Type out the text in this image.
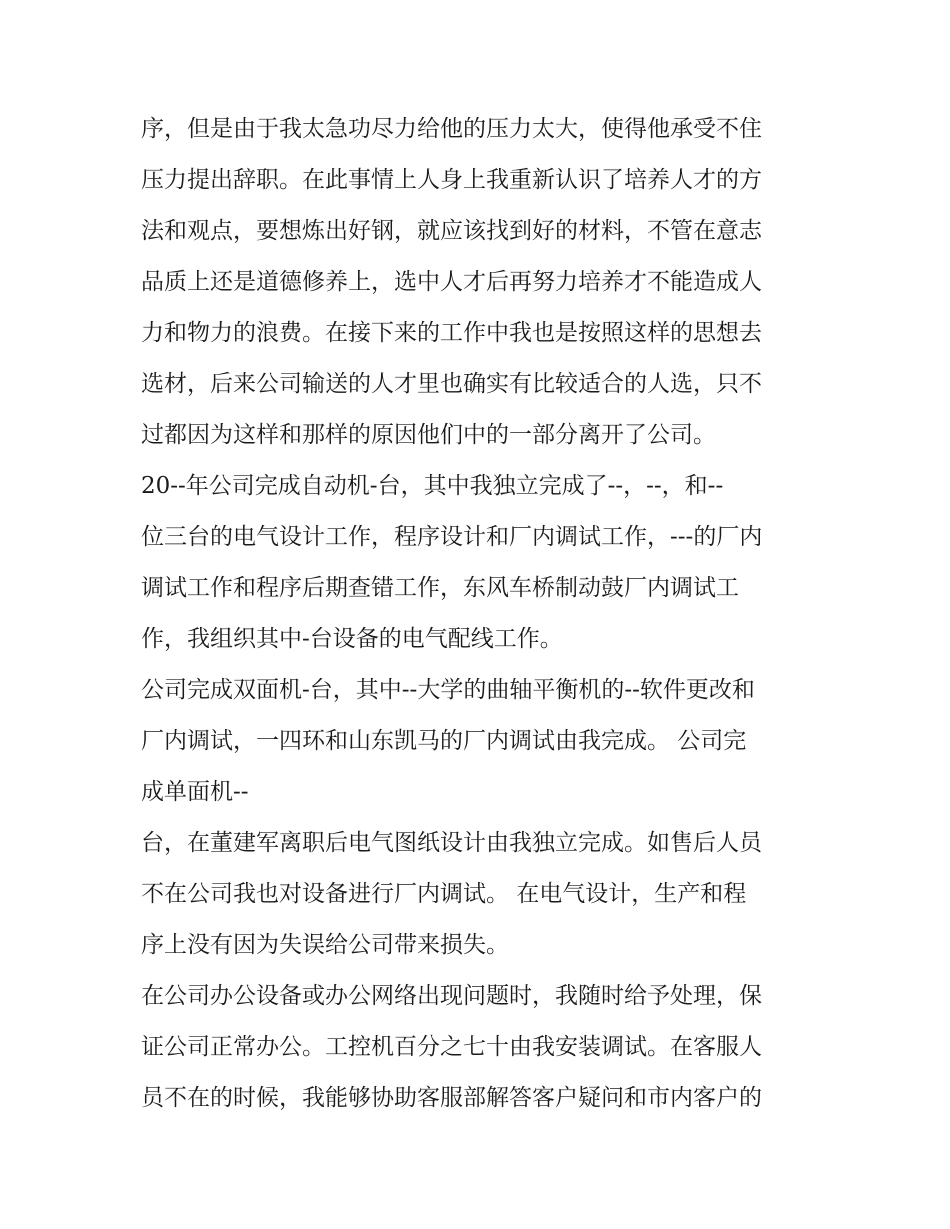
序，但是由于我太急功尽力给他的压力太大，使得他承受不住

压力提出辞职。在此事情上人身上我重新认识了培养人才的方

法和观点，要想炼出好钢，就应该找到好的材料，不管在意志

品质上还是道德修养上，选中人才后再努力培养才不能造成人

力和物力的浪费。在接下来的工作中我也是按照这样的思想去

选材，后来公司输送的人才里也确实有比较适合的人选，只不

过都因为这样和那样的原因他们中的一部分离开了公司。

20--年公司完成自动机-台，其中我独立完成了--，--，和--

位三台的电气设计工作，程序设计和厂内调试工作，---的厂内

调试工作和程序后期查错工作，东风车桥制动鼓厂内调试工

作，我组织其中-台设备的电气配线工作。

公司完成双面机-台，其中--大学的曲轴平衡机的--软件更改和

厂内调试，一四环和山东凯马的厂内调试由我完成。 公司完

成单面机--

台，在董建军离职后电气图纸设计由我独立完成。如售后人员

不在公司我也对设备进行厂内调试。 在电气设计，生产和程

序上没有因为失误给公司带来损失。

在公司办公设备或办公网络出现问题时，我随时给予处理，保

证公司正常办公。工控机百分之七十由我安装调试。在客服人

员不在的时候，我能够协助客服部解答客户疑问和市内客户的
